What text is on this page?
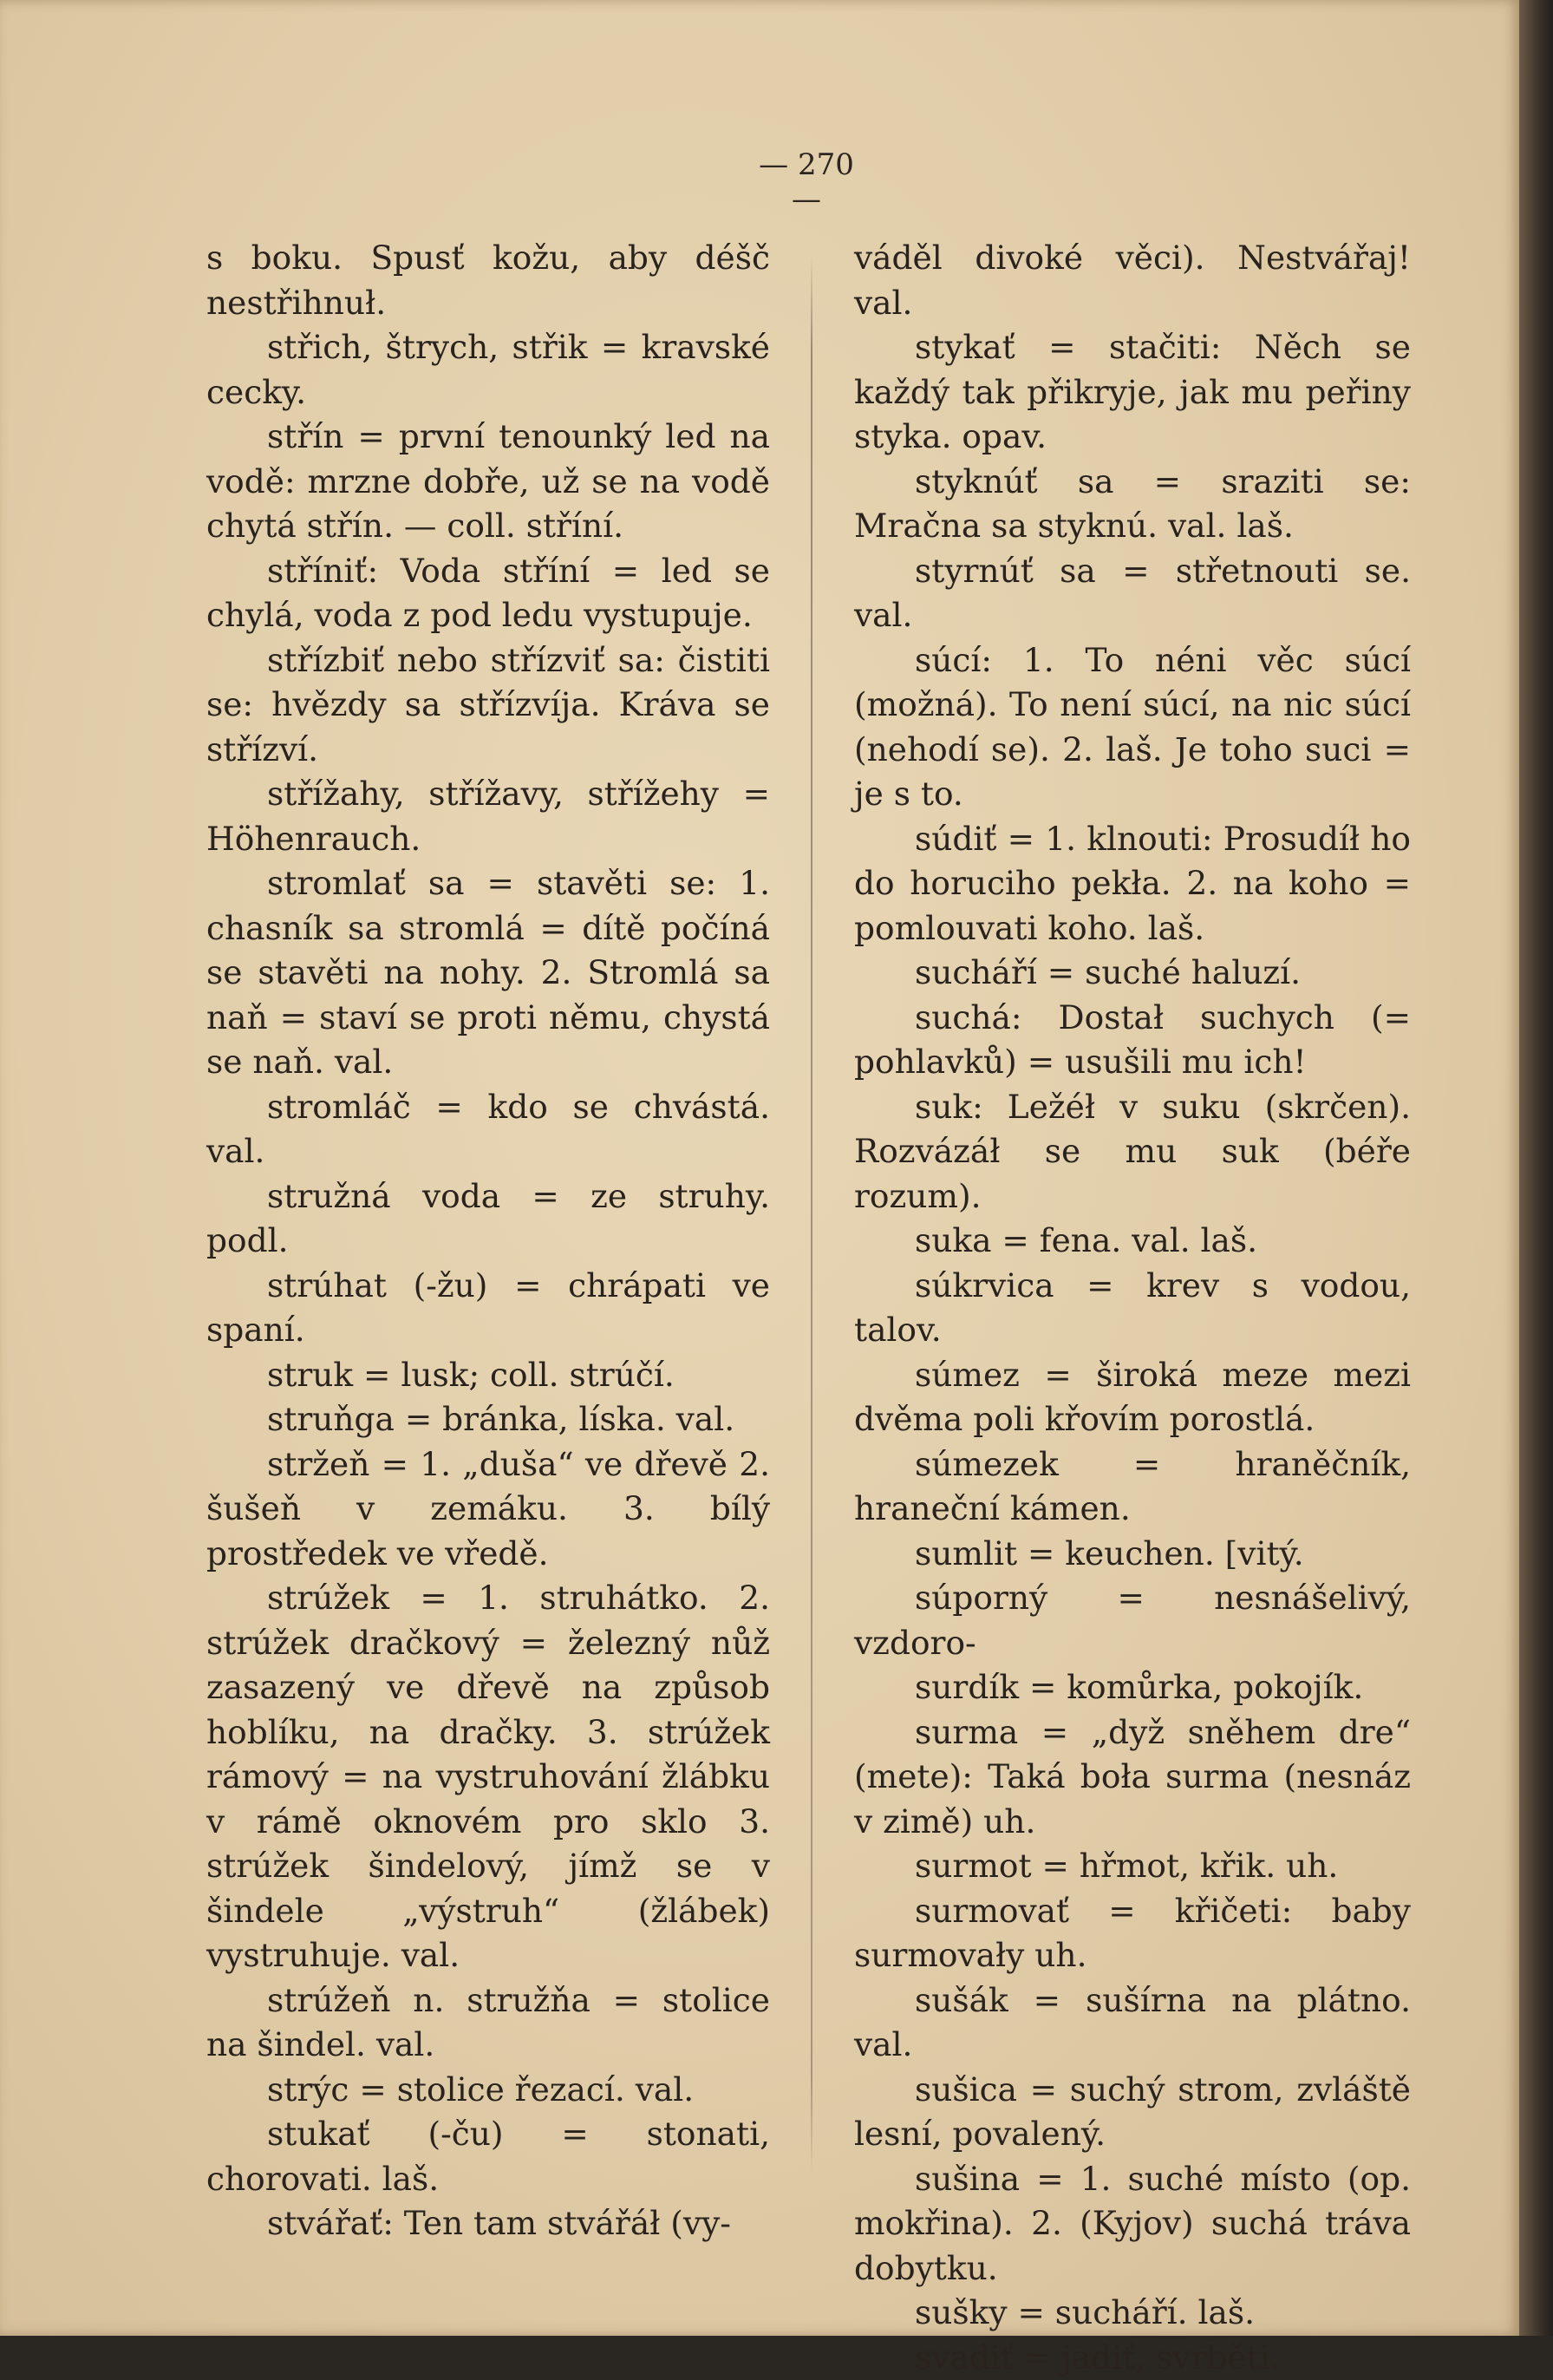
— 270 —

s boku. Spusť kožu, aby déšč nestřihnuł.

střich, štrych, střik = kravské cecky.

střín = první tenounký led na vodě: mrzne dobře, už se na vodě chytá střín. — coll. stříní.

stříniť: Voda stříní = led se chylá, voda z pod ledu vystupuje.

střízbiť nebo střízviť sa: čistiti se: hvězdy sa střízvíja. Kráva se střízví.

střížahy, střížavy, střížehy = Höhenrauch.

stromlať sa = stavěti se: 1. chasník sa stromlá = dítě počíná se stavěti na nohy. 2. Stromlá sa naň = staví se proti němu, chystá se naň. val.

stromláč = kdo se chvástá. val.

stružná voda = ze struhy. podl.

strúhat (-žu) = chrápati ve spaní.

struk = lusk; coll. strúčí.

struňga = bránka, líska. val.

stržeň = 1. „duša“ ve dřevě 2. šušeň v zemáku. 3. bílý prostředek ve vředě.

strúžek = 1. struhátko. 2. strúžek dračkový = železný nůž zasazený ve dřevě na způsob hoblíku, na dračky. 3. strúžek rámový = na vystruhování žlábku v rámě oknovém pro sklo 3. strúžek šindelový, jímž se v šindele „výstruh“ (žlábek) vystruhuje. val.

strúžeň n. stružňa = stolice na šindel. val.

strýc = stolice řezací. val.

stukať (-ču) = stonati, chorovati. laš.

stvářať: Ten tam stvářáł (vy-

váděl divoké věci). Nestvářaj! val.

stykať = stačiti: Něch se každý tak přikryje, jak mu peřiny styka. opav.

styknúť sa = sraziti se: Mračna sa styknú. val. laš.

styrnúť sa = střetnouti se. val.

súcí: 1. To néni věc súcí (možná). To není súcí, na nic súcí (nehodí se). 2. laš. Je toho suci = je s to.

súdiť = 1. klnouti: Prosudíł ho do horuciho pekła. 2. na koho = pomlouvati koho. laš.

sucháří = suché haluzí.

suchá: Dostał suchych (= pohlavků) = usušili mu ich!

suk: Ležéł v suku (skrčen). Rozvázáł se mu suk (béře rozum).

suka = fena. val. laš.

súkrvica = krev s vodou, talov.

súmez = široká meze mezi dvěma poli křovím porostlá.

súmezek = hraněčník, hraneční kámen.

sumlit = keuchen. [vitý.

súporný = nesnášelivý, vzdoro-

surdík = komůrka, pokojík.

surma = „dyž sněhem dre“ (mete): Taká boła surma (nesnáz v zimě) uh.

surmot = hřmot, křik. uh.

surmovať = křičeti: baby surmovały uh.

sušák = sušírna na plátno. val.

sušica = suchý strom, zvláště lesní, povalený.

sušina = 1. suché místo (op. mokřina). 2. (Kyjov) suchá tráva dobytku.

sušky = sucháří. laš.

svadiť = jadiť, svrběti.
